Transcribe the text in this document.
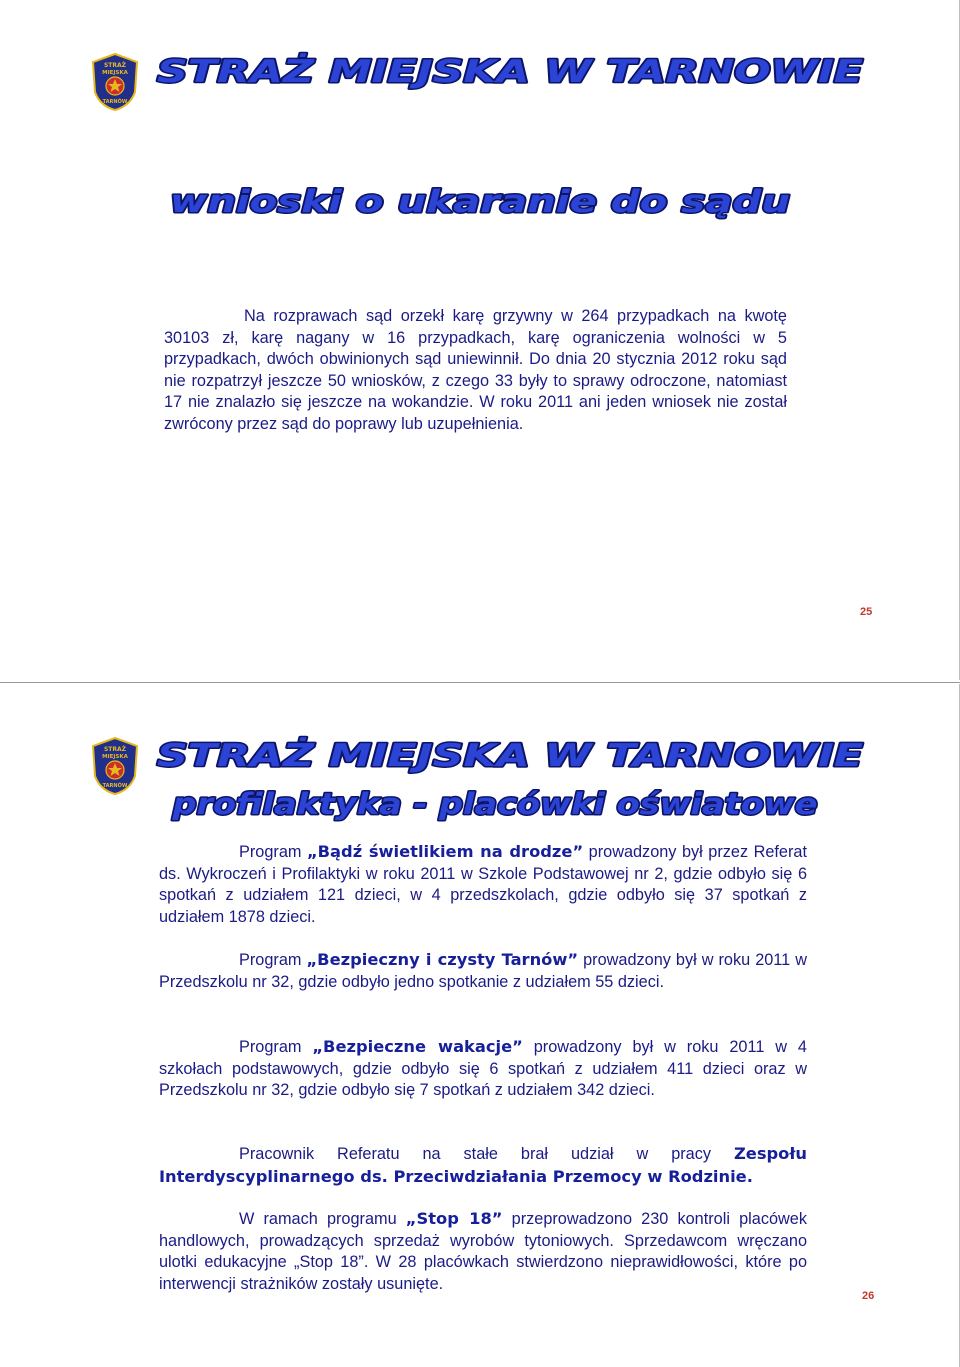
STRAŻ
MIEJSKA
TARNÓW
STRAŻ MIEJSKA W TARNOWIE
wnioski o ukaranie do sądu
Na rozprawach sąd orzekł karę grzywny w 264 przypadkach na kwotę 30103 zł, karę nagany w 16 przypadkach, karę ograniczenia wolności w 5 przypadkach, dwóch obwinionych sąd uniewinnił. Do dnia 20 stycznia 2012 roku sąd nie rozpatrzył jeszcze 50 wniosków, z czego 33 były to sprawy odroczone, natomiast 17 nie znalazło się jeszcze na wokandzie. W roku 2011 ani jeden wniosek nie został zwrócony przez sąd do poprawy lub uzupełnienia.
25
STRAŻ
MIEJSKA
TARNÓW
STRAŻ MIEJSKA W TARNOWIE
profilaktyka - placówki oświatowe
Program „Bądź świetlikiem na drodze” prowadzony był przez Referat ds. Wykroczeń i Profilaktyki w roku 2011 w Szkole Podstawowej nr 2, gdzie odbyło się 6 spotkań z udziałem 121 dzieci, w 4 przedszkolach, gdzie odbyło się 37 spotkań z udziałem 1878 dzieci.
Program „Bezpieczny i czysty Tarnów” prowadzony był w roku 2011 w Przedszkolu nr 32, gdzie odbyło jedno spotkanie z udziałem 55 dzieci.
Program „Bezpieczne wakacje” prowadzony był w roku 2011 w 4 szkołach podstawowych, gdzie odbyło się 6 spotkań z udziałem 411 dzieci oraz w Przedszkolu nr 32, gdzie odbyło się 7 spotkań z udziałem 342 dzieci.
Pracownik Referatu na stałe brał udział w pracy Zespołu Interdyscyplinarnego ds. Przeciwdziałania Przemocy w Rodzinie.
W ramach programu „Stop 18” przeprowadzono 230 kontroli placówek handlowych, prowadzących sprzedaż wyrobów tytoniowych. Sprzedawcom wręczano ulotki edukacyjne „Stop 18”. W 28 placówkach stwierdzono nieprawidłowości, które po interwencji strażników zostały usunięte.
26
